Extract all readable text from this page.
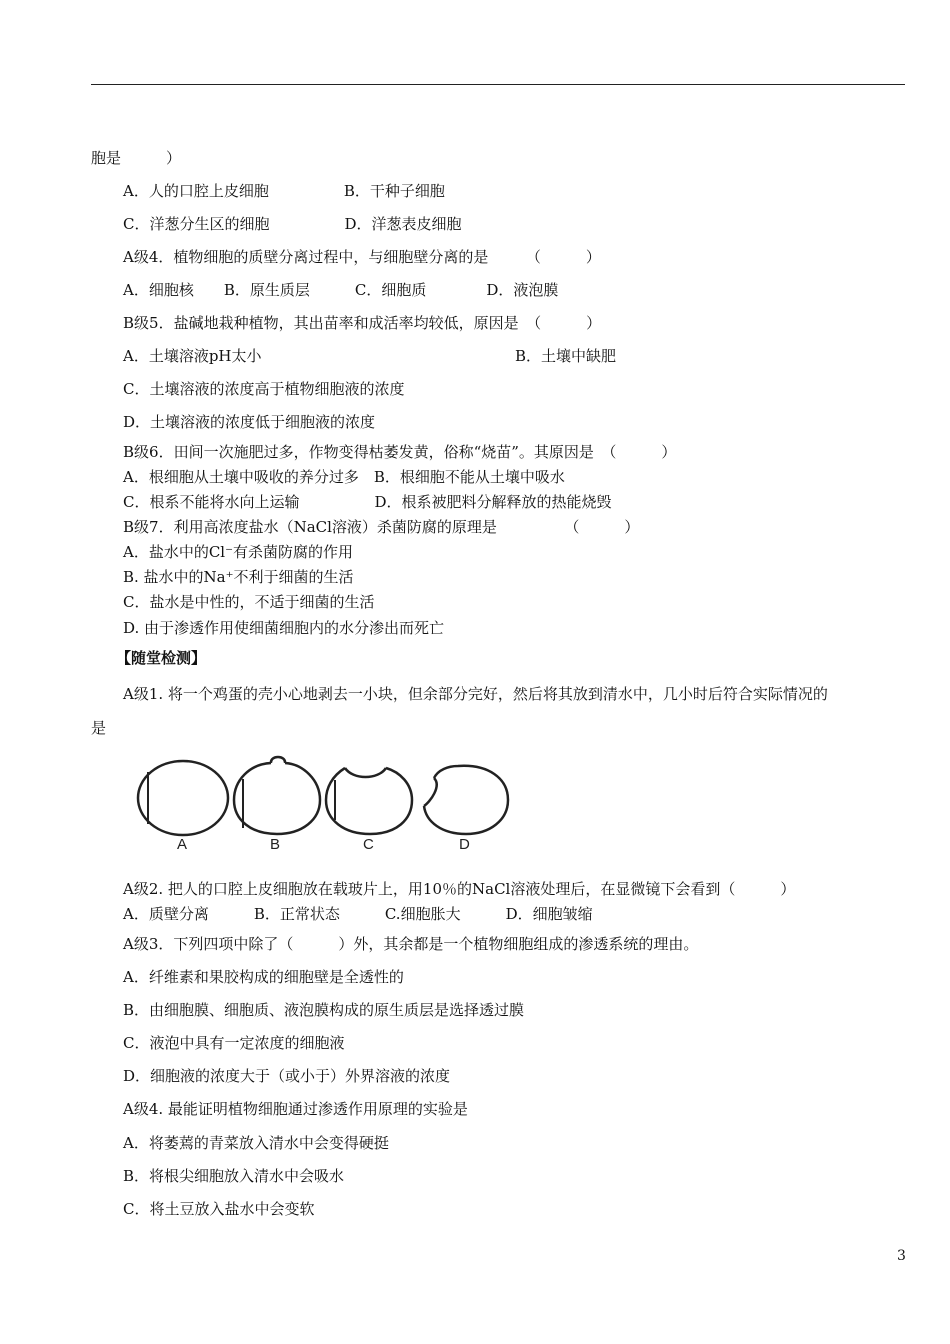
胞是　　　）
A．人的口腔上皮细胞　　　　　B．干种子细胞
C．洋葱分生区的细胞　　　　　D．洋葱表皮细胞
A级4．植物细胞的质壁分离过程中，与细胞壁分离的是　　　（　　　）
A．细胞核　　B．原生质层　　　C．细胞质　　　　D．液泡膜
B级5．盐碱地栽种植物，其出苗率和成活率均较低，原因是　（　　　）
A．土壤溶液pH太小	B．土壤中缺肥
C．土壤溶液的浓度高于植物细胞液的浓度
D．土壤溶液的浓度低于细胞液的浓度
B级6．田间一次施肥过多，作物变得枯萎发黄，俗称“烧苗”。其原因是　（　　　）
A．根细胞从土壤中吸收的养分过多　B．根细胞不能从土壤中吸水
C．根系不能将水向上运输　　　　　D．根系被肥料分解释放的热能烧毁
B级7．利用高浓度盐水（NaCl溶液）杀菌防腐的原理是　　　　　（　　　）
A．盐水中的Cl⁻有杀菌防腐的作用
B. 盐水中的Na⁺不利于细菌的生活
C．盐水是中性的，不适于细菌的生活
D. 由于渗透作用使细菌细胞内的水分渗出而死亡
【随堂检测】
A级1. 将一个鸡蛋的壳小心地剥去一小块，但余部分完好，然后将其放到清水中，几小时后符合实际情况的
是
A	B	C	D
A级2. 把人的口腔上皮细胞放在载玻片上，用10％的NaCl溶液处理后，在显微镜下会看到（　　　）
A．质壁分离　　　B．正常状态　　　C.细胞胀大　　　D．细胞皱缩
A级3．下列四项中除了（　　　）外，其余都是一个植物细胞组成的渗透系统的理由。
A．纤维素和果胶构成的细胞壁是全透性的
B．由细胞膜、细胞质、液泡膜构成的原生质层是选择透过膜
C．液泡中具有一定浓度的细胞液
D．细胞液的浓度大于（或小于）外界溶液的浓度
A级4. 最能证明植物细胞通过渗透作用原理的实验是
A．将萎蔫的青菜放入清水中会变得硬挺
B．将根尖细胞放入清水中会吸水
C．将土豆放入盐水中会变软
3
